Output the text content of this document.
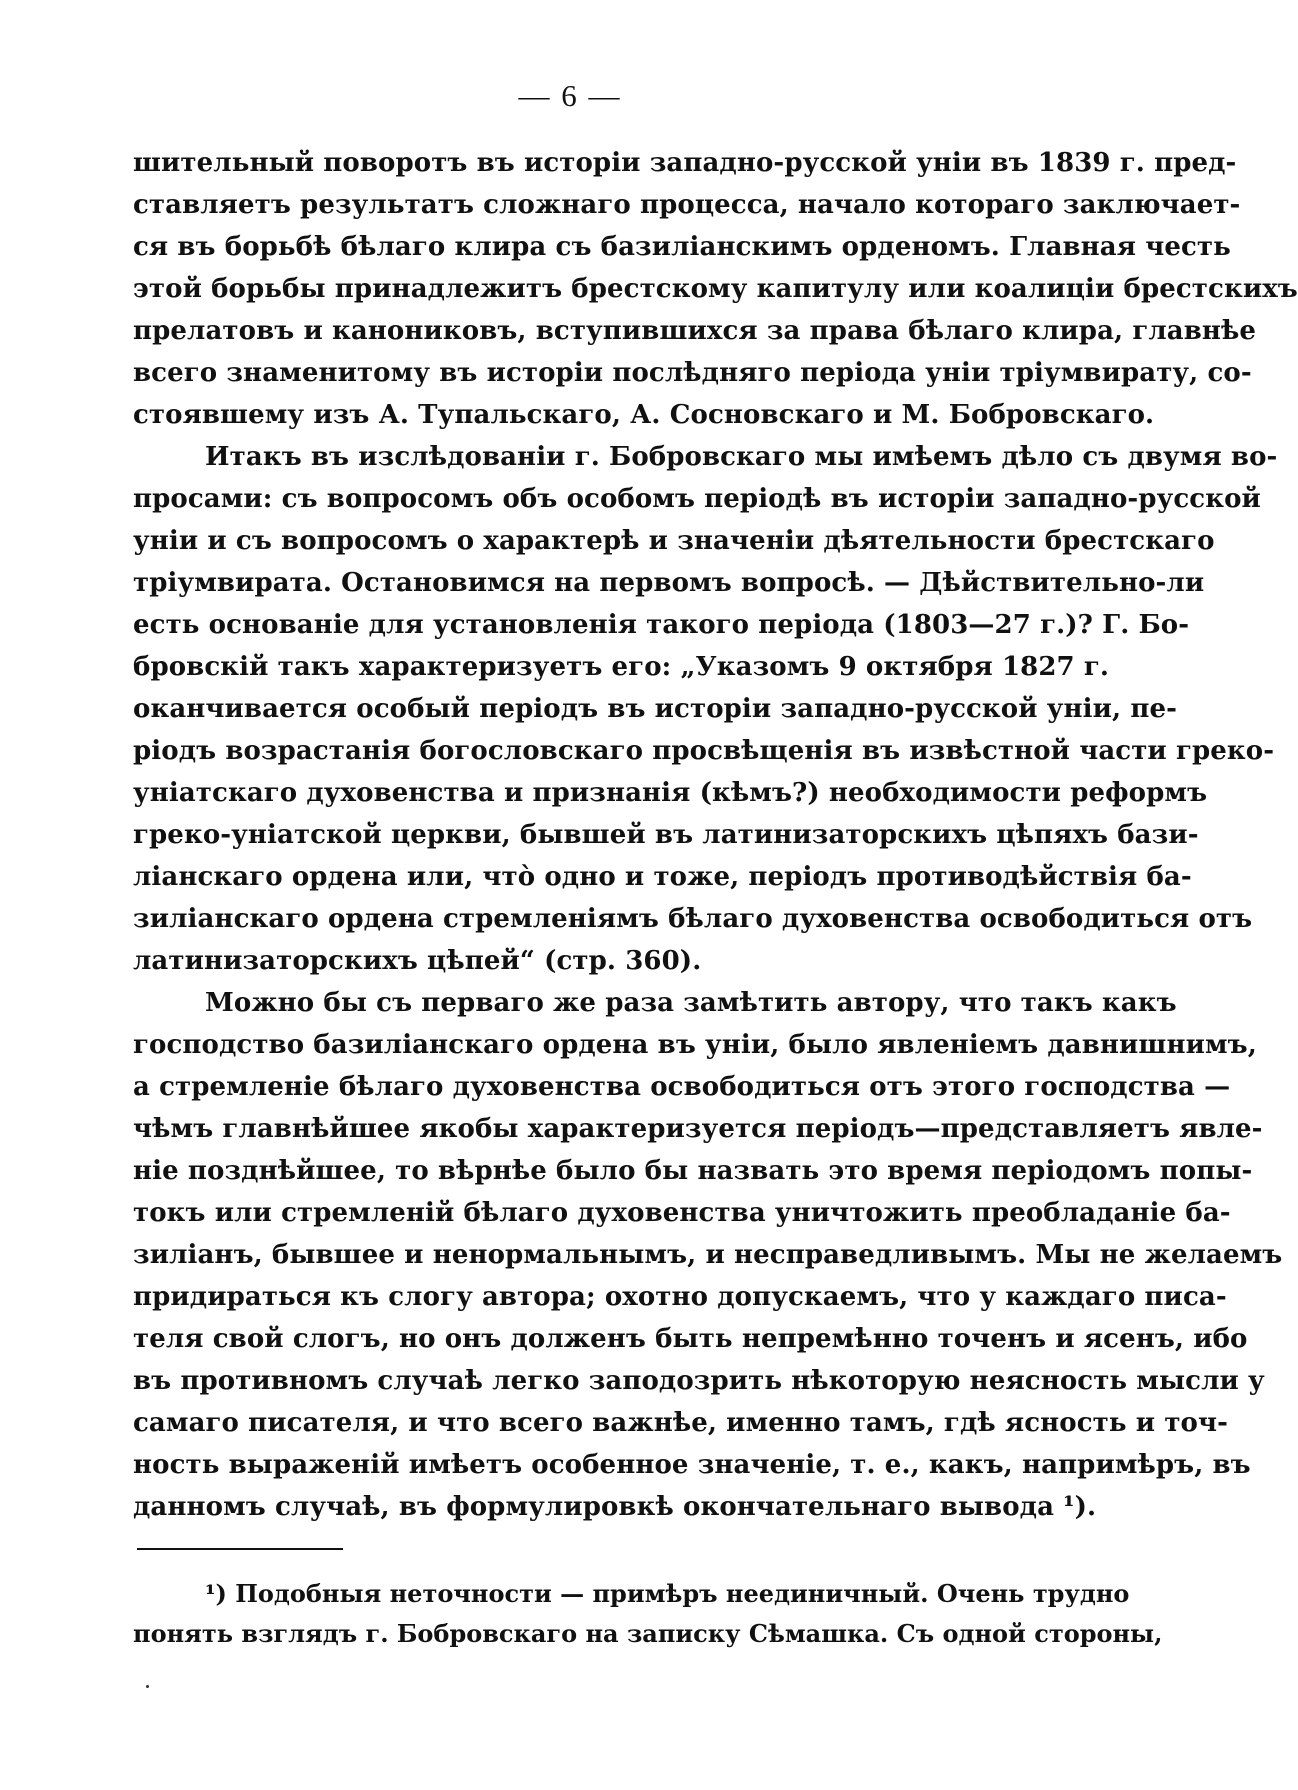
— 6 —
шительный поворотъ въ исторіи западно-русской уніи въ 1839 г. пред-
ставляетъ результатъ сложнаго процесса, начало котораго заключает-
ся въ борьбѣ бѣлаго клира съ базиліанскимъ орденомъ. Главная честь
этой борьбы принадлежитъ брестскому капитулу или коалиціи брестскихъ
прелатовъ и канониковъ, вступившихся за права бѣлаго клира, главнѣе
всего знаменитому въ исторіи послѣдняго періода уніи тріумвирату, со-
стоявшему изъ А. Тупальскаго, А. Сосновскаго и М. Бобровскаго.
Итакъ въ изслѣдованіи г. Бобровскаго мы имѣемъ дѣло съ двумя во-
просами: съ вопросомъ объ особомъ періодѣ въ исторіи западно-русской
уніи и съ вопросомъ о характерѣ и значеніи дѣятельности брестскаго
тріумвирата. Остановимся на первомъ вопросѣ. — Дѣйствительно-ли
есть основаніе для установленія такого періода (1803—27 г.)? Г. Бо-
бровскій такъ характеризуетъ его: „Указомъ 9 октября 1827 г.
оканчивается особый періодъ въ исторіи западно-русской уніи, пе-
ріодъ возрастанія богословскаго просвѣщенія въ извѣстной части греко-
уніатскаго духовенства и признанія (кѣмъ?) необходимости реформъ
греко-уніатской церкви, бывшей въ латинизаторскихъ цѣпяхъ бази-
ліанскаго ордена или, что̀ одно и тоже, періодъ противодѣйствія ба-
зиліанскаго ордена стремленіямъ бѣлаго духовенства освободиться отъ
латинизаторскихъ цѣпей“ (стр. 360).
Можно бы съ перваго же раза замѣтить автору, что такъ какъ
господство базиліанскаго ордена въ уніи, было явленіемъ давнишнимъ,
а стремленіе бѣлаго духовенства освободиться отъ этого господства —
чѣмъ главнѣйшее якобы характеризуется періодъ—представляетъ явле-
ніе позднѣйшее, то вѣрнѣе было бы назвать это время періодомъ попы-
токъ или стремленій бѣлаго духовенства уничтожить преобладаніе ба-
зиліанъ, бывшее и ненормальнымъ, и несправедливымъ. Мы не желаемъ
придираться къ слогу автора; охотно допускаемъ, что у каждаго писа-
теля свой слогъ, но онъ долженъ быть непремѣнно точенъ и яcенъ, ибо
въ противномъ случаѣ легко заподозрить нѣкоторую неясность мысли у
самаго писателя, и что всего важнѣе, именно тамъ, гдѣ ясность и точ-
ность выраженій имѣетъ особенное значеніе, т. е., какъ, напримѣръ, въ
данномъ случаѣ, въ формулировкѣ окончательнаго вывода ¹).
¹) Подобныя неточности — примѣръ неединичный. Очень трудно
понять взглядъ г. Бобровскаго на записку Сѣмашка. Съ одной стороны,
